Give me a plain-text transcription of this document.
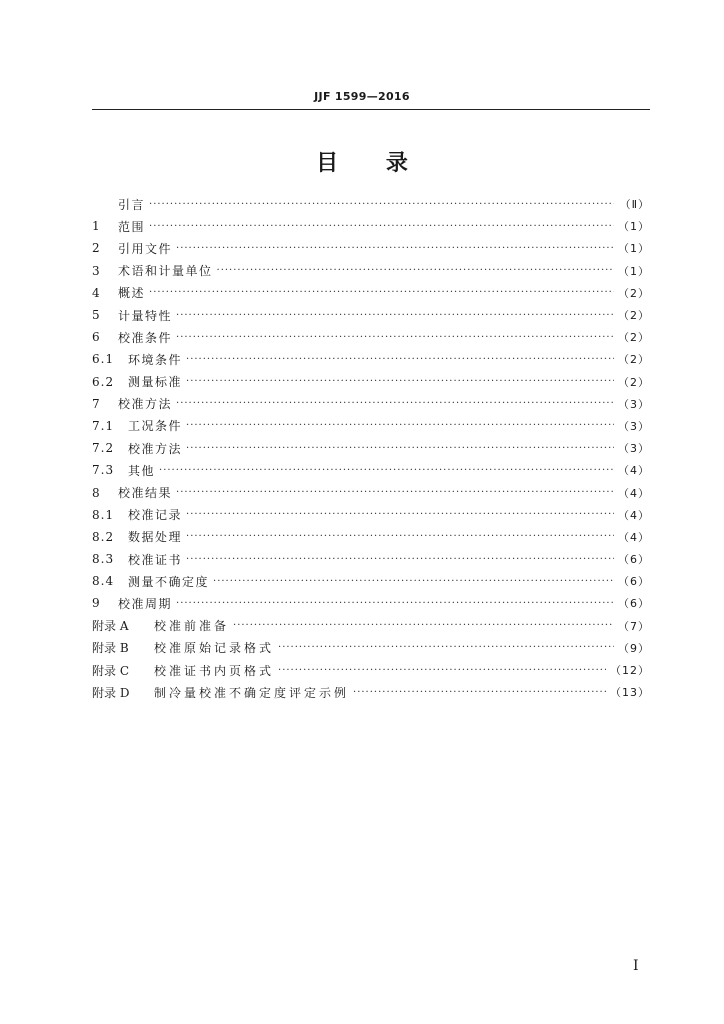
JJF 1599—2016
目 录
引言 ·····	（Ⅱ）
1	范围 ·····	（1）
2	引用文件 ·····	（1）
3	术语和计量单位 ·····	（1）
4	概述 ·····	（2）
5	计量特性 ·····	（2）
6	校准条件 ·····	（2）
6.1	环境条件 ·····	（2）
6.2	测量标准 ·····	（2）
7	校准方法 ·····	（3）
7.1	工况条件 ·····	（3）
7.2	校准方法 ·····	（3）
7.3	其他 ·····	（4）
8	校准结果 ·····	（4）
8.1	校准记录 ·····	（4）
8.2	数据处理 ·····	（4）
8.3	校准证书 ·····	（6）
8.4	测量不确定度 ·····	（6）
9	校准周期 ·····	（6）
附录 A	校准前准备 ·····	（7）
附录 B	校准原始记录格式 ·····	（9）
附录 C	校准证书内页格式 ·····	（12）
附录 D	制冷量校准不确定度评定示例 ·····	（13）
I
